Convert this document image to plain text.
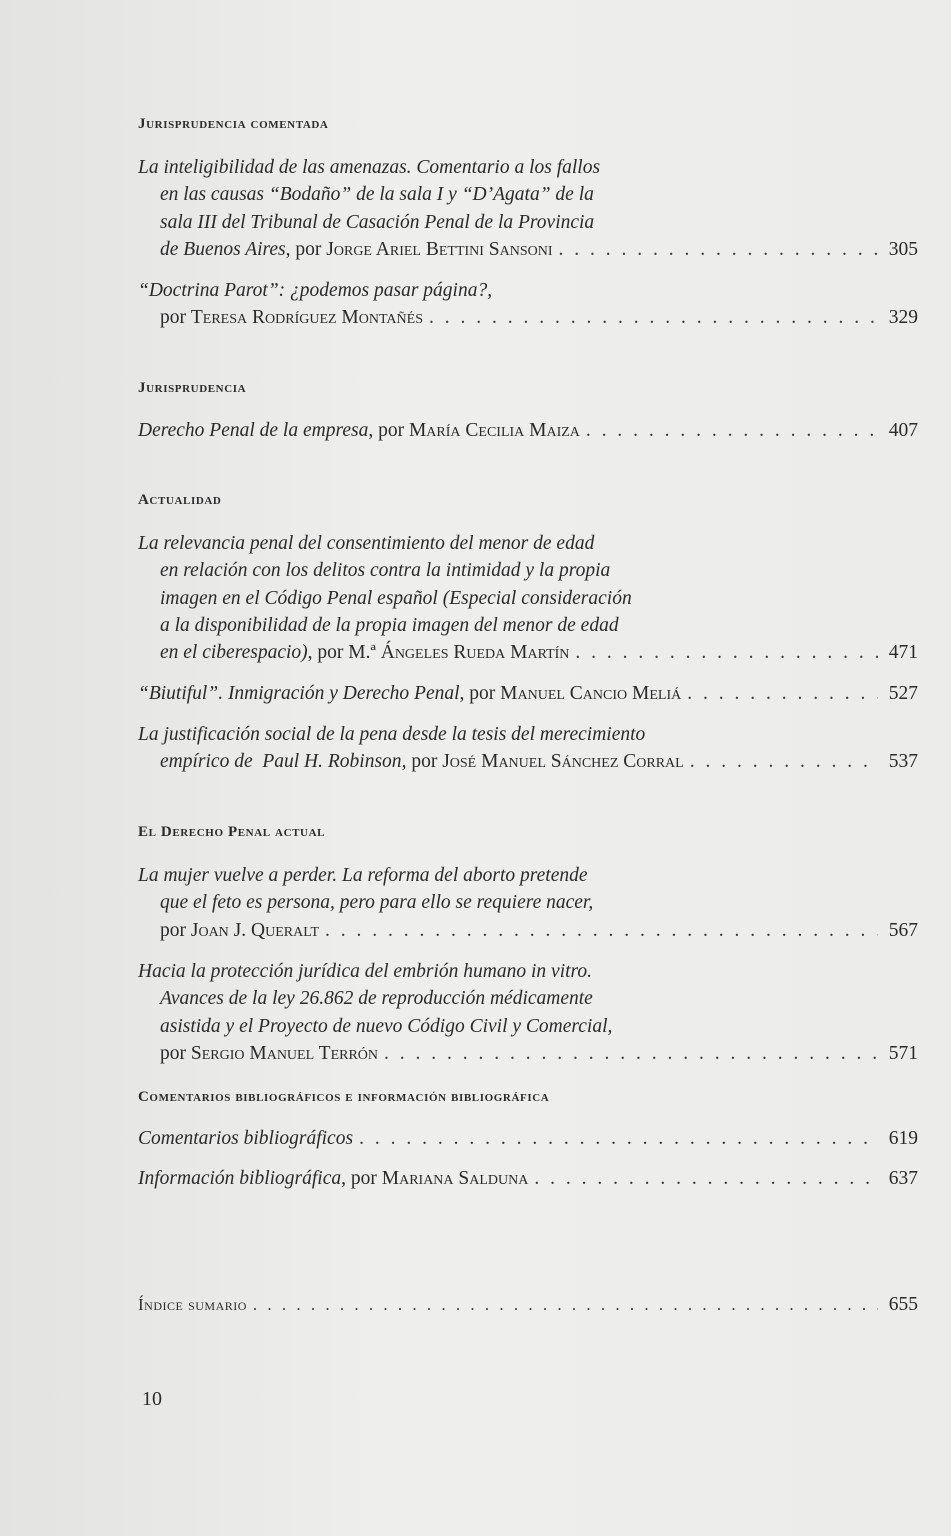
Jurisprudencia comentada
La inteligibilidad de las amenazas. Comentario a los fallos
en las causas “Bodaño” de la sala I y “D’Agata” de la
sala III del Tribunal de Casación Penal de la Provincia
de Buenos Aires , por Jorge Ariel Bettini Sansoni . . .	305
“Doctrina Parot”: ¿podemos pasar página?,
por Teresa Rodríguez Montañés . . .	329
Jurisprudencia
Derecho Penal de la empresa , por María Cecilia Maiza . . .	407
Actualidad
La relevancia penal del consentimiento del menor de edad
en relación con los delitos contra la intimidad y la propia
imagen en el Código Penal español (Especial consideración
a la disponibilidad de la propia imagen del menor de edad
en el ciberespacio) , por M.ª Ángeles Rueda Martín . . .	471
“Biutiful”. Inmigración y Derecho Penal , por Manuel Cancio Meliá . . .	527
La justificación social de la pena desde la tesis del merecimiento
empírico de  Paul H. Robinson , por José Manuel Sánchez Corral . . .	537
El Derecho Penal actual
La mujer vuelve a perder. La reforma del aborto pretende
que el feto es persona, pero para ello se requiere nacer,
por Joan J. Queralt . . .	567
Hacia la protección jurídica del embrión humano in vitro.
Avances de la ley 26.862 de reproducción médicamente
asistida y el Proyecto de nuevo Código Civil y Comercial,
por Sergio Manuel Terrón . . .	571
Comentarios bibliográficos e información bibliográfica
Comentarios bibliográficos . . .	619
Información bibliográfica , por Mariana Salduna . . .	637
Índice sumario . . .	655
10
